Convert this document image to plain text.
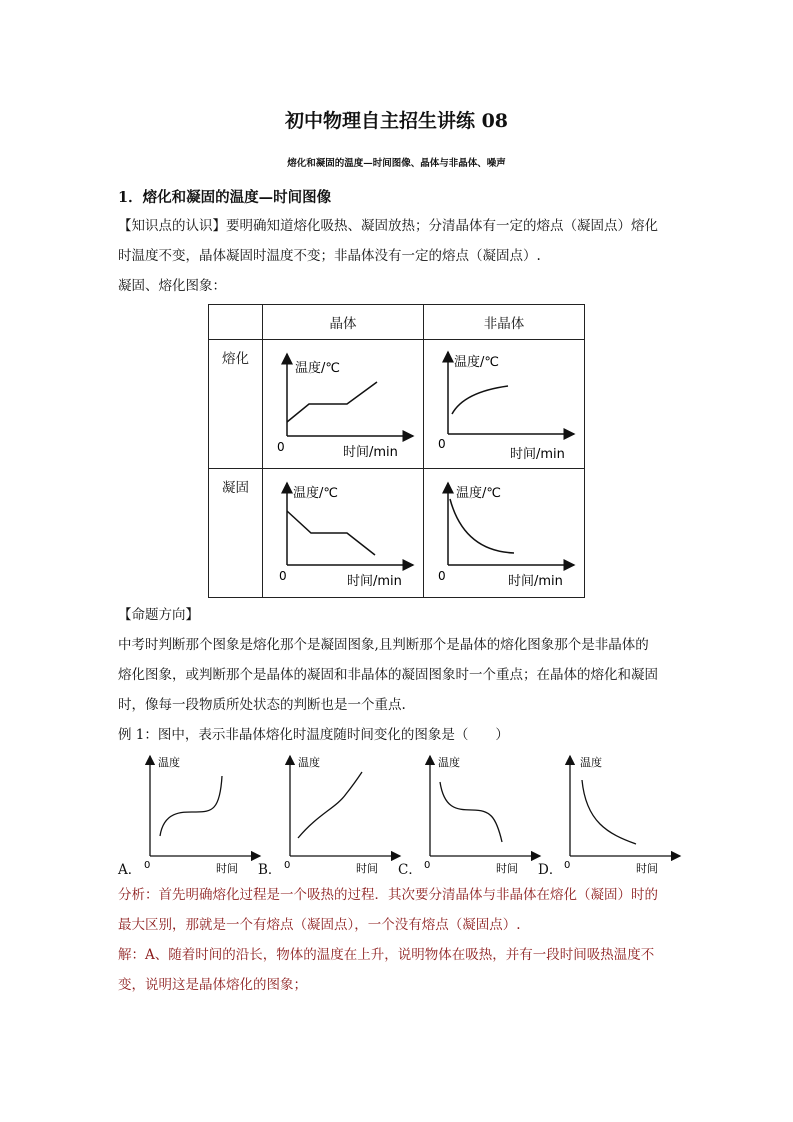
初中物理自主招生讲练 08
熔化和凝固的温度—时间图像、晶体与非晶体、噪声
1．熔化和凝固的温度—时间图像
【知识点的认识】要明确知道熔化吸热、凝固放热；分清晶体有一定的熔点（凝固点）熔化
时温度不变，晶体凝固时温度不变；非晶体没有一定的熔点（凝固点）.
凝固、熔化图象：
	晶体	非晶体

熔化	温度/℃
时间/min
0	温度/℃
时间/min
0

凝固	温度/℃
时间/min
0	温度/℃
时间/min
0
【命题方向】
中考时判断那个图象是熔化那个是凝固图象,且判断那个是晶体的熔化图象那个是非晶体的
熔化图象，或判断那个是晶体的凝固和非晶体的凝固图象时一个重点；在晶体的熔化和凝固
时，像每一段物质所处状态的判断也是一个重点.
例 1：图中，表示非晶体熔化时温度随时间变化的图象是（　　）
温度
时间
0
温度
时间
0
温度
时间
0
温度
时间
0
A．	B．	C．	D．
分析：首先明确熔化过程是一个吸热的过程．其次要分清晶体与非晶体在熔化（凝固）时的
最大区别，那就是一个有熔点（凝固点），一个没有熔点（凝固点）.
解：A、随着时间的沿长，物体的温度在上升，说明物体在吸热，并有一段时间吸热温度不
变，说明这是晶体熔化的图象；
